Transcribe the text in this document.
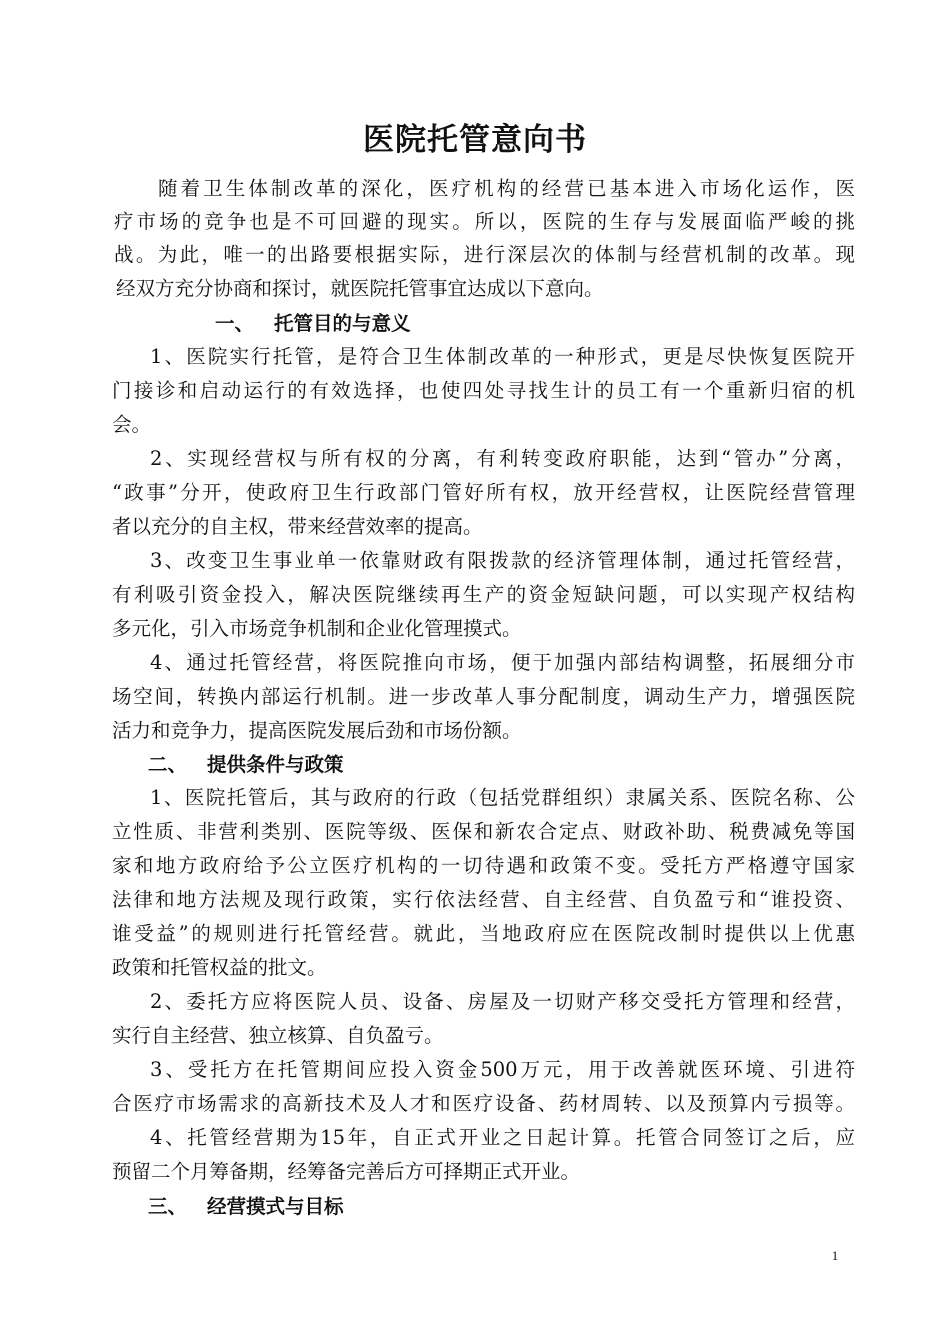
医院托管意向书

随着卫生体制改革的深化，医疗机构的经营已基本进入市场化运作，医

疗市场的竞争也是不可回避的现实。所以，医院的生存与发展面临严峻的挑

战。为此，唯一的出路要根据实际，进行深层次的体制与经营机制的改革。现

经双方充分协商和探讨，就医院托管事宜达成以下意向。

一、 托管目的与意义

1、医院实行托管，是符合卫生体制改革的一种形式，更是尽快恢复医院开

门接诊和启动运行的有效选择，也使四处寻找生计的员工有一个重新归宿的机

会。

2、实现经营权与所有权的分离，有利转变政府职能，达到“管办”分离，

“政事”分开，使政府卫生行政部门管好所有权，放开经营权，让医院经营管理

者以充分的自主权，带来经营效率的提高。

3、改变卫生事业单一依靠财政有限拨款的经济管理体制，通过托管经营，

有利吸引资金投入，解决医院继续再生产的资金短缺问题，可以实现产权结构

多元化，引入市场竞争机制和企业化管理摸式。

4、通过托管经营，将医院推向市场，便于加强内部结构调整，拓展细分市

场空间，转换内部运行机制。进一步改革人事分配制度，调动生产力，增强医院

活力和竞争力，提高医院发展后劲和市场份额。

二、 提供条件与政策

1、医院托管后，其与政府的行政（包括党群组织）隶属关系、医院名称、公

立性质、非营利类别、医院等级、医保和新农合定点、财政补助、税费减免等国

家和地方政府给予公立医疗机构的一切待遇和政策不变。受托方严格遵守国家

法律和地方法规及现行政策，实行依法经营、自主经营、自负盈亏和“谁投资、

谁受益”的规则进行托管经营。就此，当地政府应在医院改制时提供以上优惠

政策和托管权益的批文。

2、委托方应将医院人员、设备、房屋及一切财产移交受托方管理和经营，

实行自主经营、独立核算、自负盈亏。

3、受托方在托管期间应投入资金500万元，用于改善就医环境、引进符

合医疗市场需求的高新技术及人才和医疗设备、药材周转、以及预算内亏损等。

4、托管经营期为15年，自正式开业之日起计算。托管合同签订之后，应

预留二个月筹备期，经筹备完善后方可择期正式开业。

三、 经营摸式与目标
1
